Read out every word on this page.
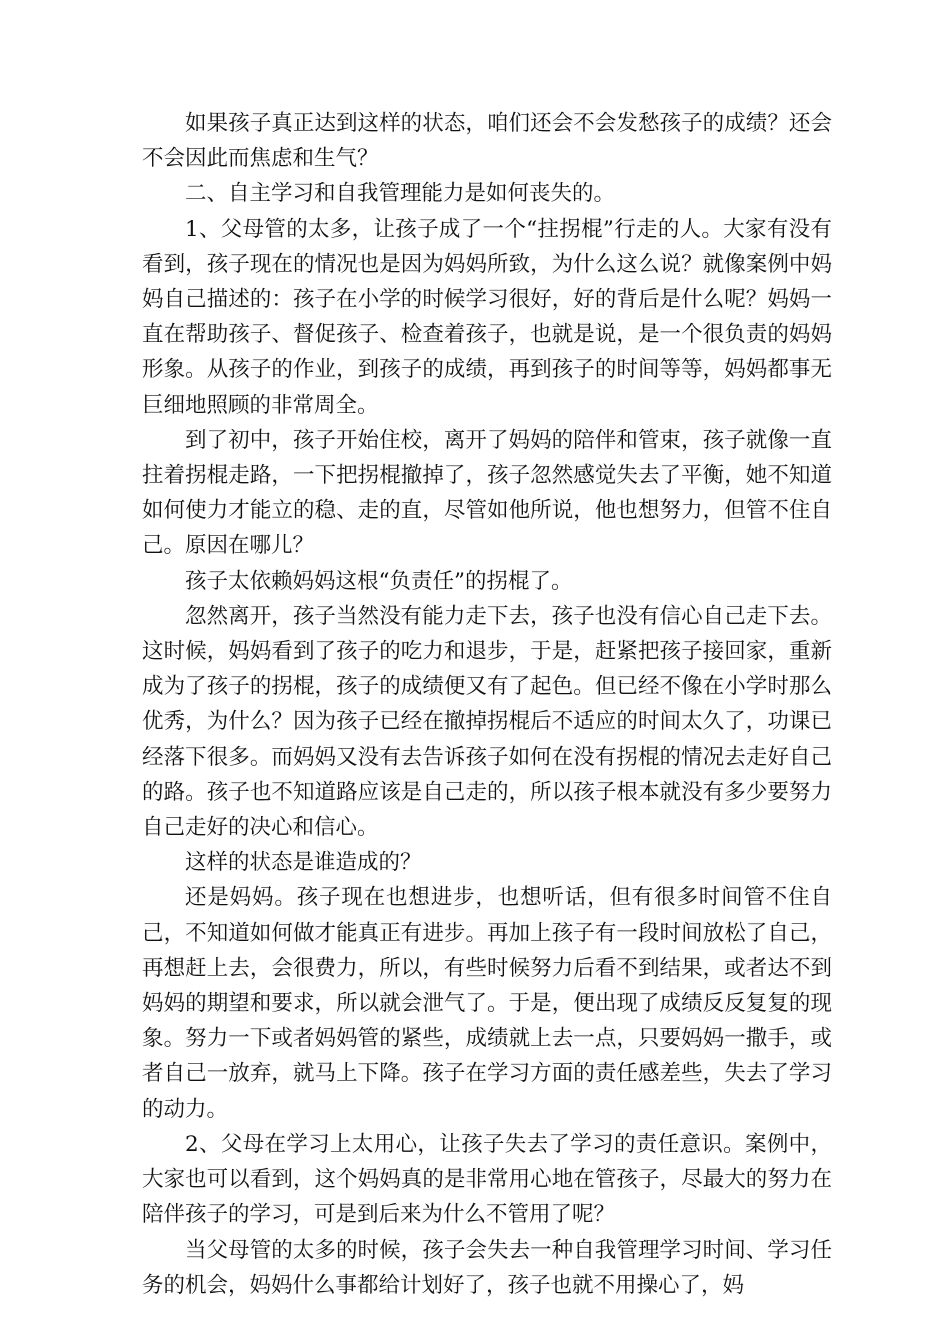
如果孩子真正达到这样的状态，咱们还会不会发愁孩子的成绩？还会不会因此而焦虑和生气？

二、自主学习和自我管理能力是如何丧失的。

1、父母管的太多，让孩子成了一个“拄拐棍”行走的人。大家有没有看到，孩子现在的情况也是因为妈妈所致，为什么这么说？就像案例中妈妈自己描述的：孩子在小学的时候学习很好，好的背后是什么呢？妈妈一直在帮助孩子、督促孩子、检查着孩子，也就是说，是一个很负责的妈妈形象。从孩子的作业，到孩子的成绩，再到孩子的时间等等，妈妈都事无巨细地照顾的非常周全。

到了初中，孩子开始住校，离开了妈妈的陪伴和管束，孩子就像一直拄着拐棍走路，一下把拐棍撤掉了，孩子忽然感觉失去了平衡，她不知道如何使力才能立的稳、走的直，尽管如他所说，他也想努力，但管不住自己。原因在哪儿？

孩子太依赖妈妈这根“负责任”的拐棍了。

忽然离开，孩子当然没有能力走下去，孩子也没有信心自己走下去。这时候，妈妈看到了孩子的吃力和退步，于是，赶紧把孩子接回家，重新成为了孩子的拐棍，孩子的成绩便又有了起色。但已经不像在小学时那么优秀，为什么？因为孩子已经在撤掉拐棍后不适应的时间太久了，功课已经落下很多。而妈妈又没有去告诉孩子如何在没有拐棍的情况去走好自己的路。孩子也不知道路应该是自己走的，所以孩子根本就没有多少要努力自己走好的决心和信心。

这样的状态是谁造成的？

还是妈妈。孩子现在也想进步，也想听话，但有很多时间管不住自己，不知道如何做才能真正有进步。再加上孩子有一段时间放松了自己，再想赶上去，会很费力，所以，有些时候努力后看不到结果，或者达不到妈妈的期望和要求，所以就会泄气了。于是，便出现了成绩反反复复的现象。努力一下或者妈妈管的紧些，成绩就上去一点，只要妈妈一撒手，或者自己一放弃，就马上下降。孩子在学习方面的责任感差些，失去了学习的动力。

2、父母在学习上太用心，让孩子失去了学习的责任意识。案例中，大家也可以看到，这个妈妈真的是非常用心地在管孩子，尽最大的努力在陪伴孩子的学习，可是到后来为什么不管用了呢？

当父母管的太多的时候，孩子会失去一种自我管理学习时间、学习任务的机会，妈妈什么事都给计划好了，孩子也就不用操心了，妈
